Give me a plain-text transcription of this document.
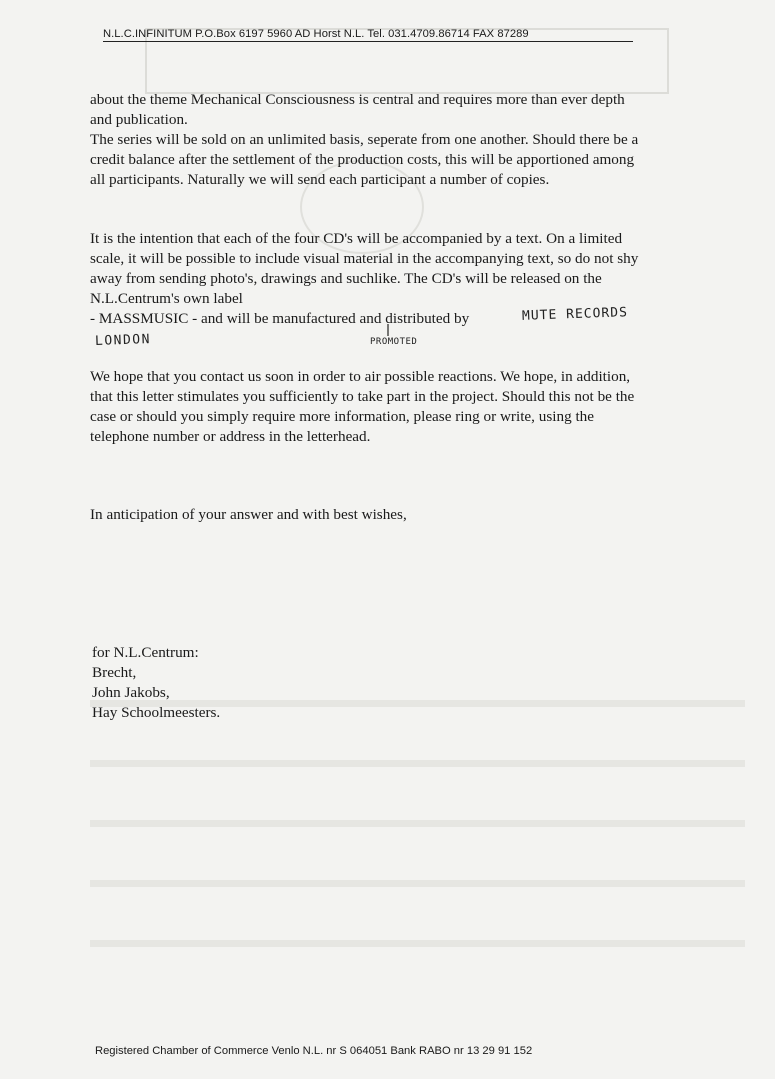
N.L.C.INFINITUM P.O.Box 6197 5960 AD Horst N.L. Tel. 031.4709.86714 FAX 87289

about the theme Mechanical Consciousness is central and requires more than ever depth and publication.

The series will be sold on an unlimited basis, seperate from one another. Should there be a credit balance after the settlement of the production costs, this will be apportioned among all participants. Naturally we will send each participant a number of copies.

It is the intention that each of the four CD's will be accompanied by a text. On a limited scale, it will be possible to include visual material in the accompanying text, so do not shy away from sending photo's, drawings and suchlike. The CD's will be released on the N.L.Centrum's own label

- MASSMUSIC - and will be manufactured and distributed by	MUTE RECORDS
LONDON	PROMOTED

We hope that you contact us soon in order to air possible reactions. We hope, in addition, that this letter stimulates you sufficiently to take part in the project. Should this not be the case or should you simply require more information, please ring or write, using the telephone number or address in the letterhead.

In anticipation of your answer and with best wishes,

for N.L.Centrum:
Brecht,
John Jakobs,
Hay Schoolmeesters.
Registered Chamber of Commerce Venlo N.L. nr S 064051 Bank RABO nr 13 29 91 152
